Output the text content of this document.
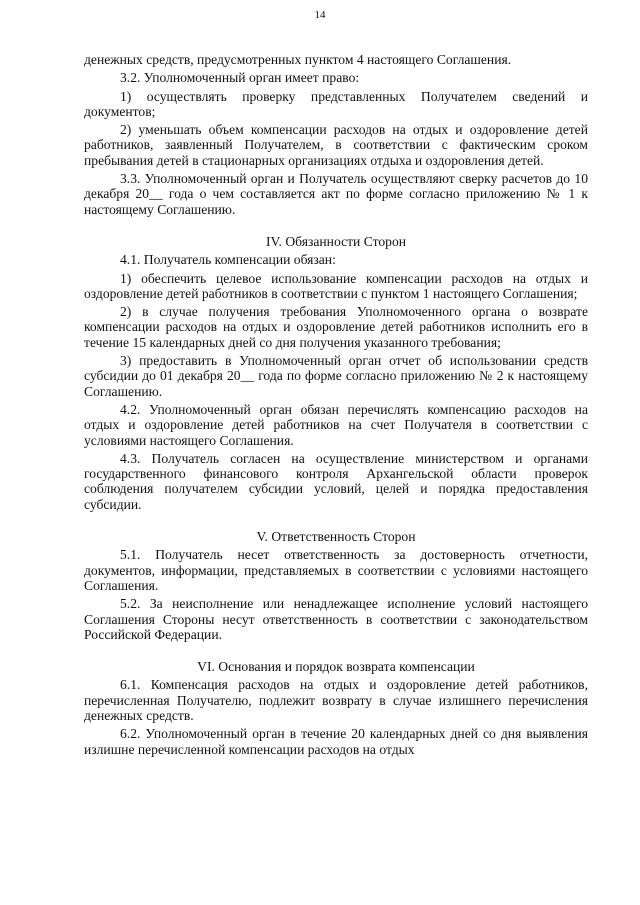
14
денежных средств, предусмотренных пунктом 4 настоящего Соглашения.
3.2. Уполномоченный орган имеет право:
1) осуществлять проверку представленных Получателем сведений и документов;
2) уменьшать объем компенсации расходов на отдых и оздоровление детей работников, заявленный Получателем, в соответствии с фактическим сроком пребывания детей в стационарных организациях отдыха и оздоровления детей.
3.3. Уполномоченный орган и Получатель осуществляют сверку расчетов до 10 декабря 20__ года о чем составляется акт по форме согласно приложению № 1 к настоящему Соглашению.
IV. Обязанности Сторон
4.1. Получатель компенсации обязан:
1) обеспечить целевое использование компенсации расходов на отдых и оздоровление детей работников в соответствии с пунктом 1 настоящего Соглашения;
2) в случае получения требования Уполномоченного органа о возврате компенсации расходов на отдых и оздоровление детей работников исполнить его в течение 15 календарных дней со дня получения указанного требования;
3) предоставить в Уполномоченный орган отчет об использовании средств субсидии до 01 декабря 20__ года по форме согласно приложению № 2 к настоящему Соглашению.
4.2. Уполномоченный орган обязан перечислять компенсацию расходов на отдых и оздоровление детей работников на счет Получателя в соответствии с условиями настоящего Соглашения.
4.3. Получатель согласен на осуществление министерством и органами государственного финансового контроля Архангельской области проверок соблюдения получателем субсидии условий, целей и порядка предоставления субсидии.
V. Ответственность Сторон
5.1. Получатель несет ответственность за достоверность отчетности, документов, информации, представляемых в соответствии с условиями настоящего Соглашения.
5.2. За неисполнение или ненадлежащее исполнение условий настоящего Соглашения Стороны несут ответственность в соответствии с законодательством Российской Федерации.
VI. Основания и порядок возврата компенсации
6.1. Компенсация расходов на отдых и оздоровление детей работников, перечисленная Получателю, подлежит возврату в случае излишнего перечисления денежных средств.
6.2. Уполномоченный орган в течение 20 календарных дней со дня выявления излишне перечисленной компенсации расходов на отдых
